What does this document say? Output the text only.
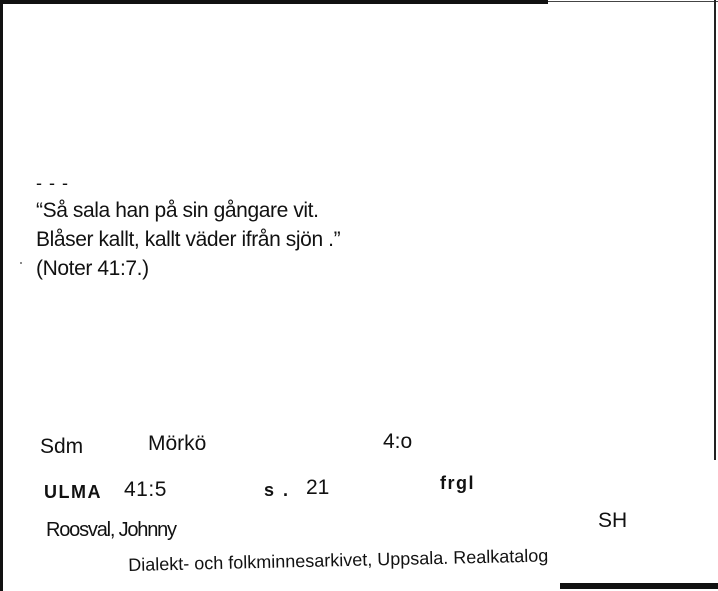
- - -
“Så sala han på sin gångare vit.
Blåser kallt, kallt väder ifrån sjön .”
(Noter 41:7.)
Sdm	Mörkö	4:o
ULMA 41:5	s . 21	frgl
Roosval, Johnny	SH
Dialekt- och folkminnesarkivet, Uppsala. Realkatalog
